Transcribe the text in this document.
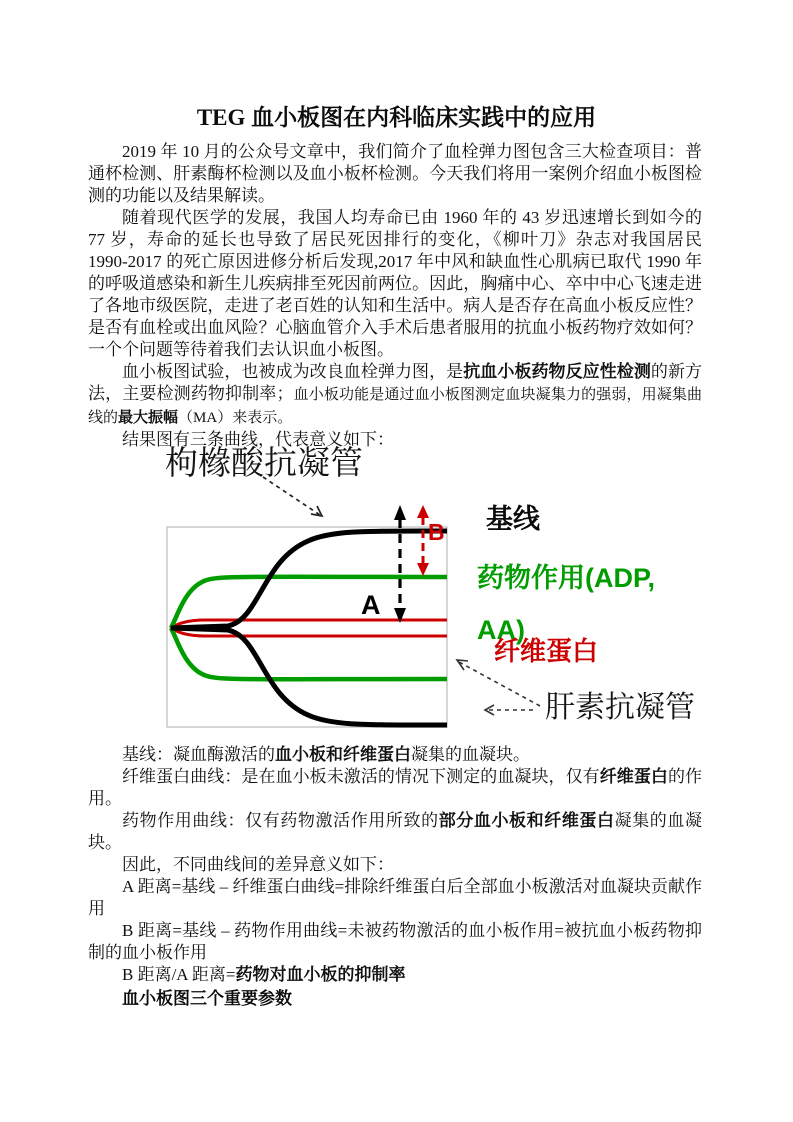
TEG 血小板图在内科临床实践中的应用

2019 年 10 月的公众号文章中，我们简介了血栓弹力图包含三大检查项目：普通杯检测、肝素酶杯检测以及血小板杯检测。今天我们将用一案例介绍血小板图检测的功能以及结果解读。

随着现代医学的发展，我国人均寿命已由 1960 年的 43 岁迅速增长到如今的 77 岁，寿命的延长也导致了居民死因排行的变化，《柳叶刀》杂志对我国居民 1990-2017 的死亡原因进修分析后发现,2017 年中风和缺血性心肌病已取代 1990 年的呼吸道感染和新生儿疾病排至死因前两位。因此，胸痛中心、卒中中心飞速走进了各地市级医院，走进了老百姓的认知和生活中。病人是否存在高血小板反应性？是否有血栓或出血风险？心脑血管介入手术后患者服用的抗血小板药物疗效如何？一个个问题等待着我们去认识血小板图。

血小板图试验，也被成为改良血栓弹力图，是抗血小板药物反应性检测的新方法，主要检测药物抑制率；血小板功能是通过血小板图测定血块凝集力的强弱，用凝集曲线的最大振幅（MA）来表示。

结果图有三条曲线，代表意义如下：

枸橼酸抗凝管
基线
药物作用(ADP,
AA)
纤维蛋白
肝素抗凝管
A
B

基线：凝血酶激活的血小板和纤维蛋白凝集的血凝块。

纤维蛋白曲线：是在血小板未激活的情况下测定的血凝块，仅有纤维蛋白的作用。

药物作用曲线：仅有药物激活作用所致的部分血小板和纤维蛋白凝集的血凝块。

因此，不同曲线间的差异意义如下：

A 距离=基线 – 纤维蛋白曲线=排除纤维蛋白后全部血小板激活对血凝块贡献作用

B 距离=基线 – 药物作用曲线=未被药物激活的血小板作用=被抗血小板药物抑制的血小板作用

B 距离/A 距离=药物对血小板的抑制率

血小板图三个重要参数
